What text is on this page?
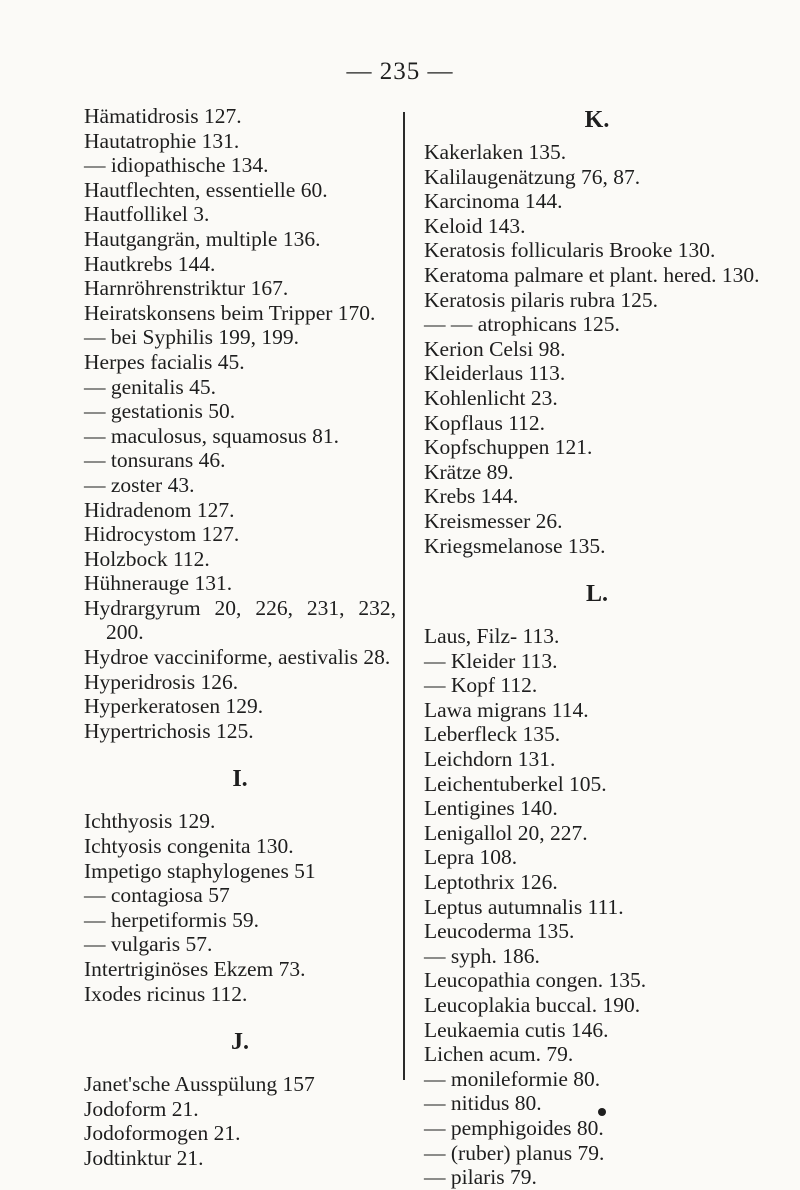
— 235 —
Hämatidrosis 127.
Hautatrophie 131.
— idiopathische 134.
Hautflechten, essentielle 60.
Hautfollikel 3.
Hautgangrän, multiple 136.
Hautkrebs 144.
Harnröhrenstriktur 167.
Heiratskonsens beim Tripper 170.
— bei Syphilis 199, 199.
Herpes facialis 45.
— genitalis 45.
— gestationis 50.
— maculosus, squamosus 81.
— tonsurans 46.
— zoster 43.
Hidradenom 127.
Hidrocystom 127.
Holzbock 112.
Hühnerauge 131.
Hydrargyrum 20, 226, 231, 232, 200.
Hydroe vacciniforme, aestivalis 28.
Hyperidrosis 126.
Hyperkeratosen 129.
Hypertrichosis 125.
I.
Ichthyosis 129.
Ichtyosis congenita 130.
Impetigo staphylogenes 51
— contagiosa 57
— herpetiformis 59.
— vulgaris 57.
Intertriginöses Ekzem 73.
Ixodes ricinus 112.
J.
Janet'sche Ausspülung 157
Jodoform 21.
Jodoformogen 21.
Jodtinktur 21.
K.
Kakerlaken 135.
Kalilaugenätzung 76, 87.
Karcinoma 144.
Keloid 143.
Keratosis follicularis Brooke 130.
Keratoma palmare et plant. hered. 130.
Keratosis pilaris rubra 125.
— — atrophicans 125.
Kerion Celsi 98.
Kleiderlaus 113.
Kohlenlicht 23.
Kopflaus 112.
Kopfschuppen 121.
Krätze 89.
Krebs 144.
Kreismesser 26.
Kriegsmelanose 135.
L.
Laus, Filz- 113.
— Kleider 113.
— Kopf 112.
Lawa migrans 114.
Leberfleck 135.
Leichdorn 131.
Leichentuberkel 105.
Lentigines 140.
Lenigallol 20, 227.
Lepra 108.
Leptothrix 126.
Leptus autumnalis 111.
Leucoderma 135.
— syph. 186.
Leucopathia congen. 135.
Leucoplakia buccal. 190.
Leukaemia cutis 146.
Lichen acum. 79.
— monileformie 80.
— nitidus 80.
— pemphigoides 80.
— (ruber) planus 79.
— pilaris 79.
